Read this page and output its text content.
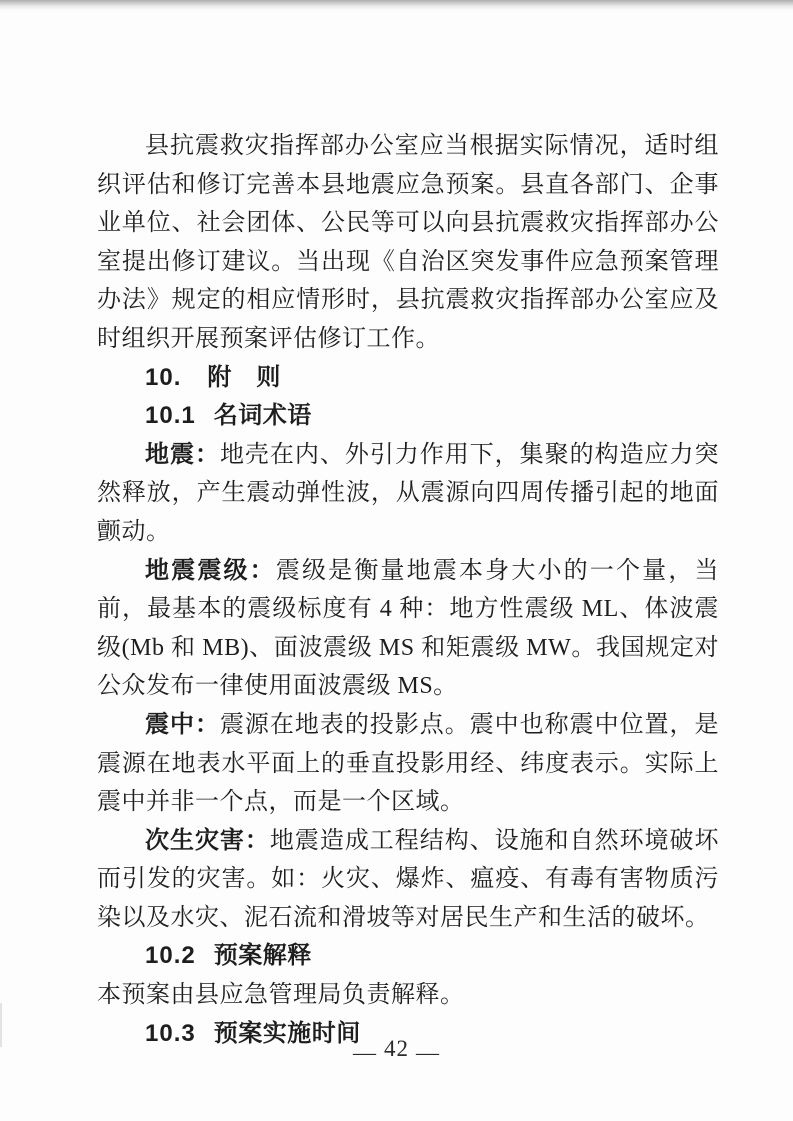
县抗震救灾指挥部办公室应当根据实际情况，适时组织评估和修订完善本县地震应急预案。县直各部门、企事业单位、社会团体、公民等可以向县抗震救灾指挥部办公室提出修订建议。当出现《自治区突发事件应急预案管理办法》规定的相应情形时，县抗震救灾指挥部办公室应及时组织开展预案评估修订工作。

10. 附　则

10.1 名词术语

地震：地壳在内、外引力作用下，集聚的构造应力突然释放，产生震动弹性波，从震源向四周传播引起的地面颤动。

地震震级：震级是衡量地震本身大小的一个量，当前，最基本的震级标度有 4 种：地方性震级 ML、体波震级(Mb 和 MB)、面波震级 MS 和矩震级 MW。我国规定对公众发布一律使用面波震级 MS。

震中：震源在地表的投影点。震中也称震中位置，是震源在地表水平面上的垂直投影用经、纬度表示。实际上震中并非一个点，而是一个区域。

次生灾害：地震造成工程结构、设施和自然环境破坏而引发的灾害。如：火灾、爆炸、瘟疫、有毒有害物质污染以及水灾、泥石流和滑坡等对居民生产和生活的破坏。

10.2 预案解释

本预案由县应急管理局负责解释。

10.3 预案实施时间

— 42 —
